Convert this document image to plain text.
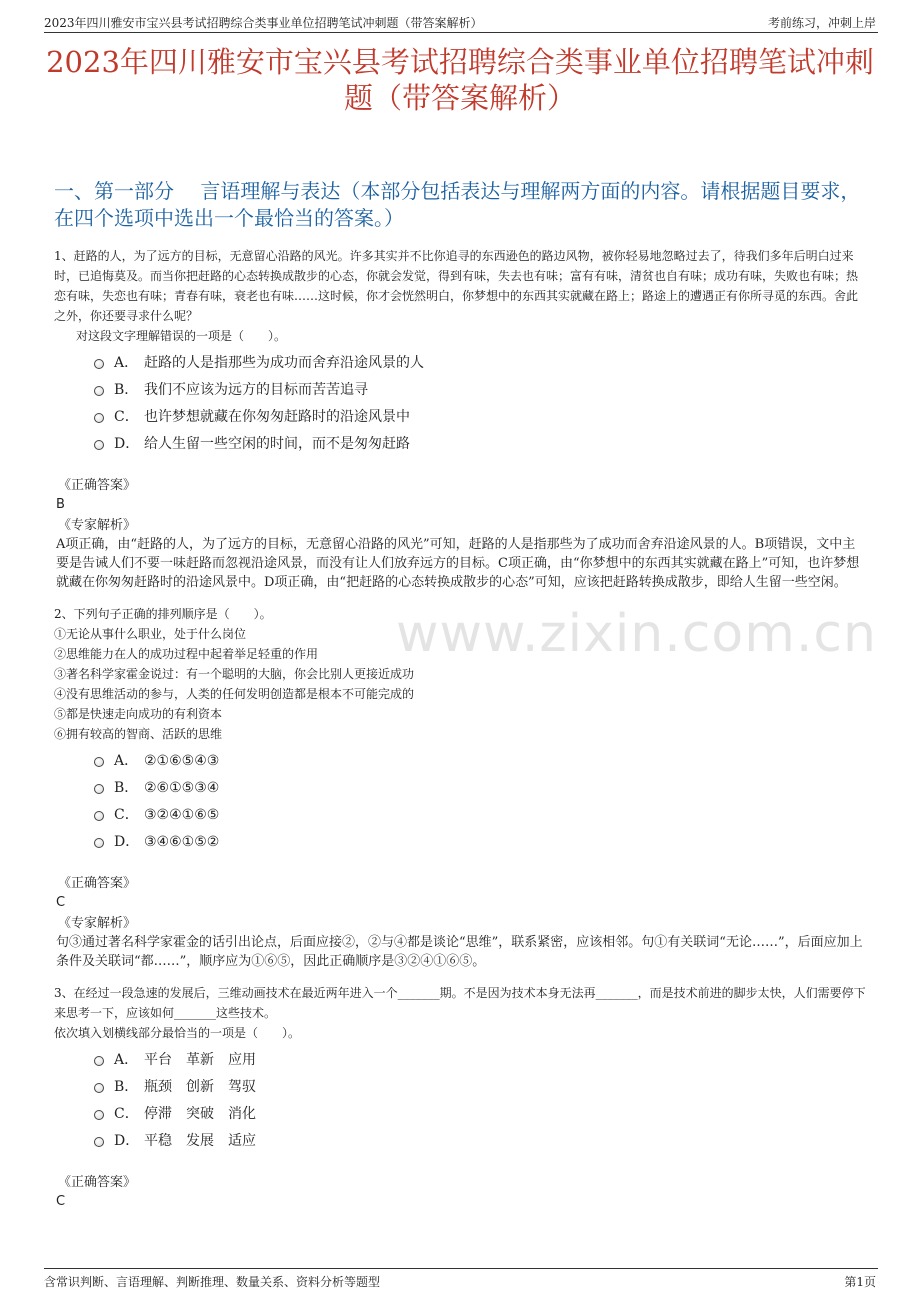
2023年四川雅安市宝兴县考试招聘综合类事业单位招聘笔试冲刺题（带答案解析）	考前练习，冲刺上岸
2023年四川雅安市宝兴县考试招聘综合类事业单位招聘笔试冲刺题（带答案解析）
一、第一部分　 言语理解与表达（本部分包括表达与理解两方面的内容。请根据题目要求，在四个选项中选出一个最恰当的答案。）
www.zixin.com.cn

1、赶路的人，为了远方的目标，无意留心沿路的风光。许多其实并不比你追寻的东西逊色的路边风物，被你轻易地忽略过去了，待我们多年后明白过来时，已追悔莫及。而当你把赶路的心态转换成散步的心态，你就会发觉，得到有味，失去也有味；富有有味，清贫也自有味；成功有味，失败也有味；热恋有味，失恋也有味；青春有味，衰老也有味……这时候，你才会恍然明白，你梦想中的东西其实就藏在路上；路途上的遭遇正有你所寻觅的东西。舍此之外，你还要寻求什么呢？

对这段文字理解错误的一项是（　　）。

A． 赶路的人是指那些为成功而舍弃沿途风景的人
B． 我们不应该为远方的目标而苦苦追寻
C． 也许梦想就藏在你匆匆赶路时的沿途风景中
D． 给人生留一些空闲的时间，而不是匆匆赶路

《正确答案》

B

《专家解析》

A项正确，由“赶路的人，为了远方的目标，无意留心沿路的风光”可知，赶路的人是指那些为了成功而舍弃沿途风景的人。B项错误，文中主要是告诫人们不要一味赶路而忽视沿途风景，而没有让人们放弃远方的目标。C项正确，由“你梦想中的东西其实就藏在路上”可知，也许梦想就藏在你匆匆赶路时的沿途风景中。D项正确，由“把赶路的心态转换成散步的心态”可知，应该把赶路转换成散步，即给人生留一些空闲。

2、下列句子正确的排列顺序是（　　）。

①无论从事什么职业，处于什么岗位

②思维能力在人的成功过程中起着举足轻重的作用

③著名科学家霍金说过：有一个聪明的大脑，你会比别人更接近成功

④没有思维活动的参与，人类的任何发明创造都是根本不可能完成的

⑤都是快速走向成功的有利资本

⑥拥有较高的智商、活跃的思维

A． ②①⑥⑤④③
B． ②⑥①⑤③④
C． ③②④①⑥⑤
D． ③④⑥①⑤②

《正确答案》

C

《专家解析》

句③通过著名科学家霍金的话引出论点，后面应接②，②与④都是谈论“思维”，联系紧密，应该相邻。句①有关联词“无论……”，后面应加上条件及关联词“都……”，顺序应为①⑥⑤，因此正确顺序是③②④①⑥⑤。

3、在经过一段急速的发展后，三维动画技术在最近两年进入一个_______期。不是因为技术本身无法再_______，而是技术前进的脚步太快，人们需要停下来思考一下，应该如何_______这些技术。

依次填入划横线部分最恰当的一项是（　　）。

A． 平台　革新　应用
B． 瓶颈　创新　驾驭
C． 停滞　突破　消化
D． 平稳　发展　适应

《正确答案》

C

含常识判断、言语理解、判断推理、数量关系、资料分析等题型	第1页
